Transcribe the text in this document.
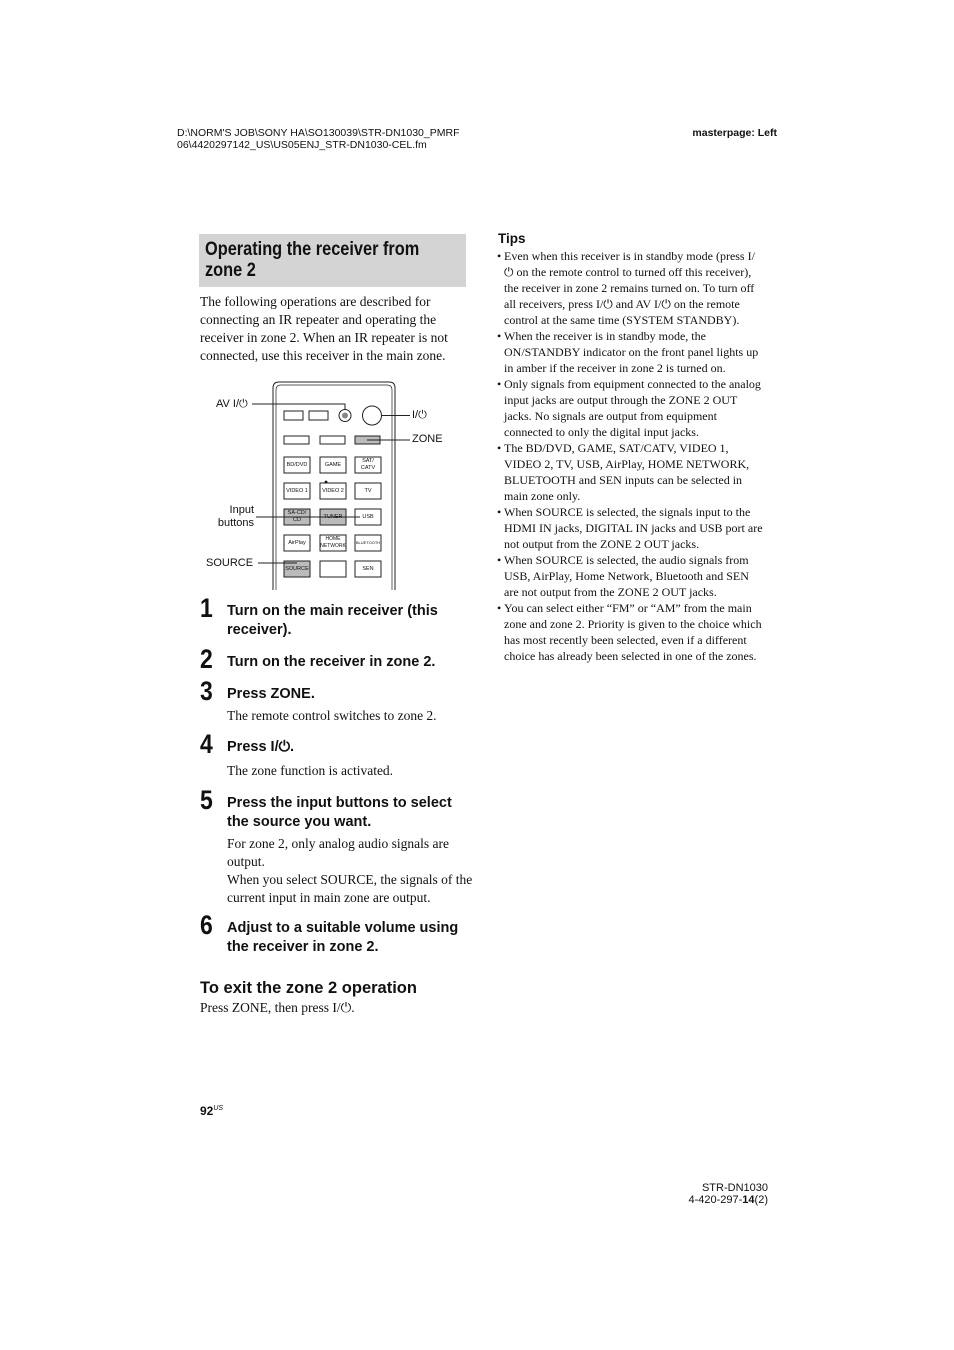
D:\NORM'S JOB\SONY HA\SO130039\STR-DN1030_PMRF
06\4420297142_US\US05ENJ_STR-DN1030-CEL.fm
masterpage: Left
Operating the receiver from
zone 2
The following operations are described for connecting an IR repeater and operating the receiver in zone 2. When an IR repeater is not connected, use this receiver in the main zone.
AV I/⏻
I/⏻
ZONE
Input
buttons
SOURCE
BD/DVD	GAME
SAT/
CATV
VIDEO 1	VIDEO 2	TV
SA-CD/
CD	TUNER	USB
AirPlay
HOME
NETWORK	BLUETOOTH
SOURCE	SEN
1 Turn on the main receiver (this receiver).
2 Turn on the receiver in zone 2.
3 Press ZONE.
The remote control switches to zone 2.
4 Press I/⏻.
The zone function is activated.
5 Press the input buttons to select the source you want.
For zone 2, only analog audio signals are output.
When you select SOURCE, the signals of the current input in main zone are output.
6 Adjust to a suitable volume using the receiver in zone 2.
To exit the zone 2 operation
Press ZONE, then press I/⏻.
Tips
• Even when this receiver is in standby mode (press I/⏻ on the remote control to turned off this receiver), the receiver in zone 2 remains turned on. To turn off all receivers, press I/⏻ and AV I/⏻ on the remote control at the same time (SYSTEM STANDBY).
• When the receiver is in standby mode, the ON/STANDBY indicator on the front panel lights up in amber if the receiver in zone 2 is turned on.
• Only signals from equipment connected to the analog input jacks are output through the ZONE 2 OUT jacks. No signals are output from equipment connected to only the digital input jacks.
• The BD/DVD, GAME, SAT/CATV, VIDEO 1, VIDEO 2, TV, USB, AirPlay, HOME NETWORK, BLUETOOTH and SEN inputs can be selected in main zone only.
• When SOURCE is selected, the signals input to the HDMI IN jacks, DIGITAL IN jacks and USB port are not output from the ZONE 2 OUT jacks.
• When SOURCE is selected, the audio signals from USB, AirPlay, Home Network, Bluetooth and SEN are not output from the ZONE 2 OUT jacks.
• You can select either “FM” or “AM” from the main zone and zone 2. Priority is given to the choice which has most recently been selected, even if a different choice has already been selected in one of the zones.
$92^{US}$
STR-DN1030
4-420-297-14(2)
